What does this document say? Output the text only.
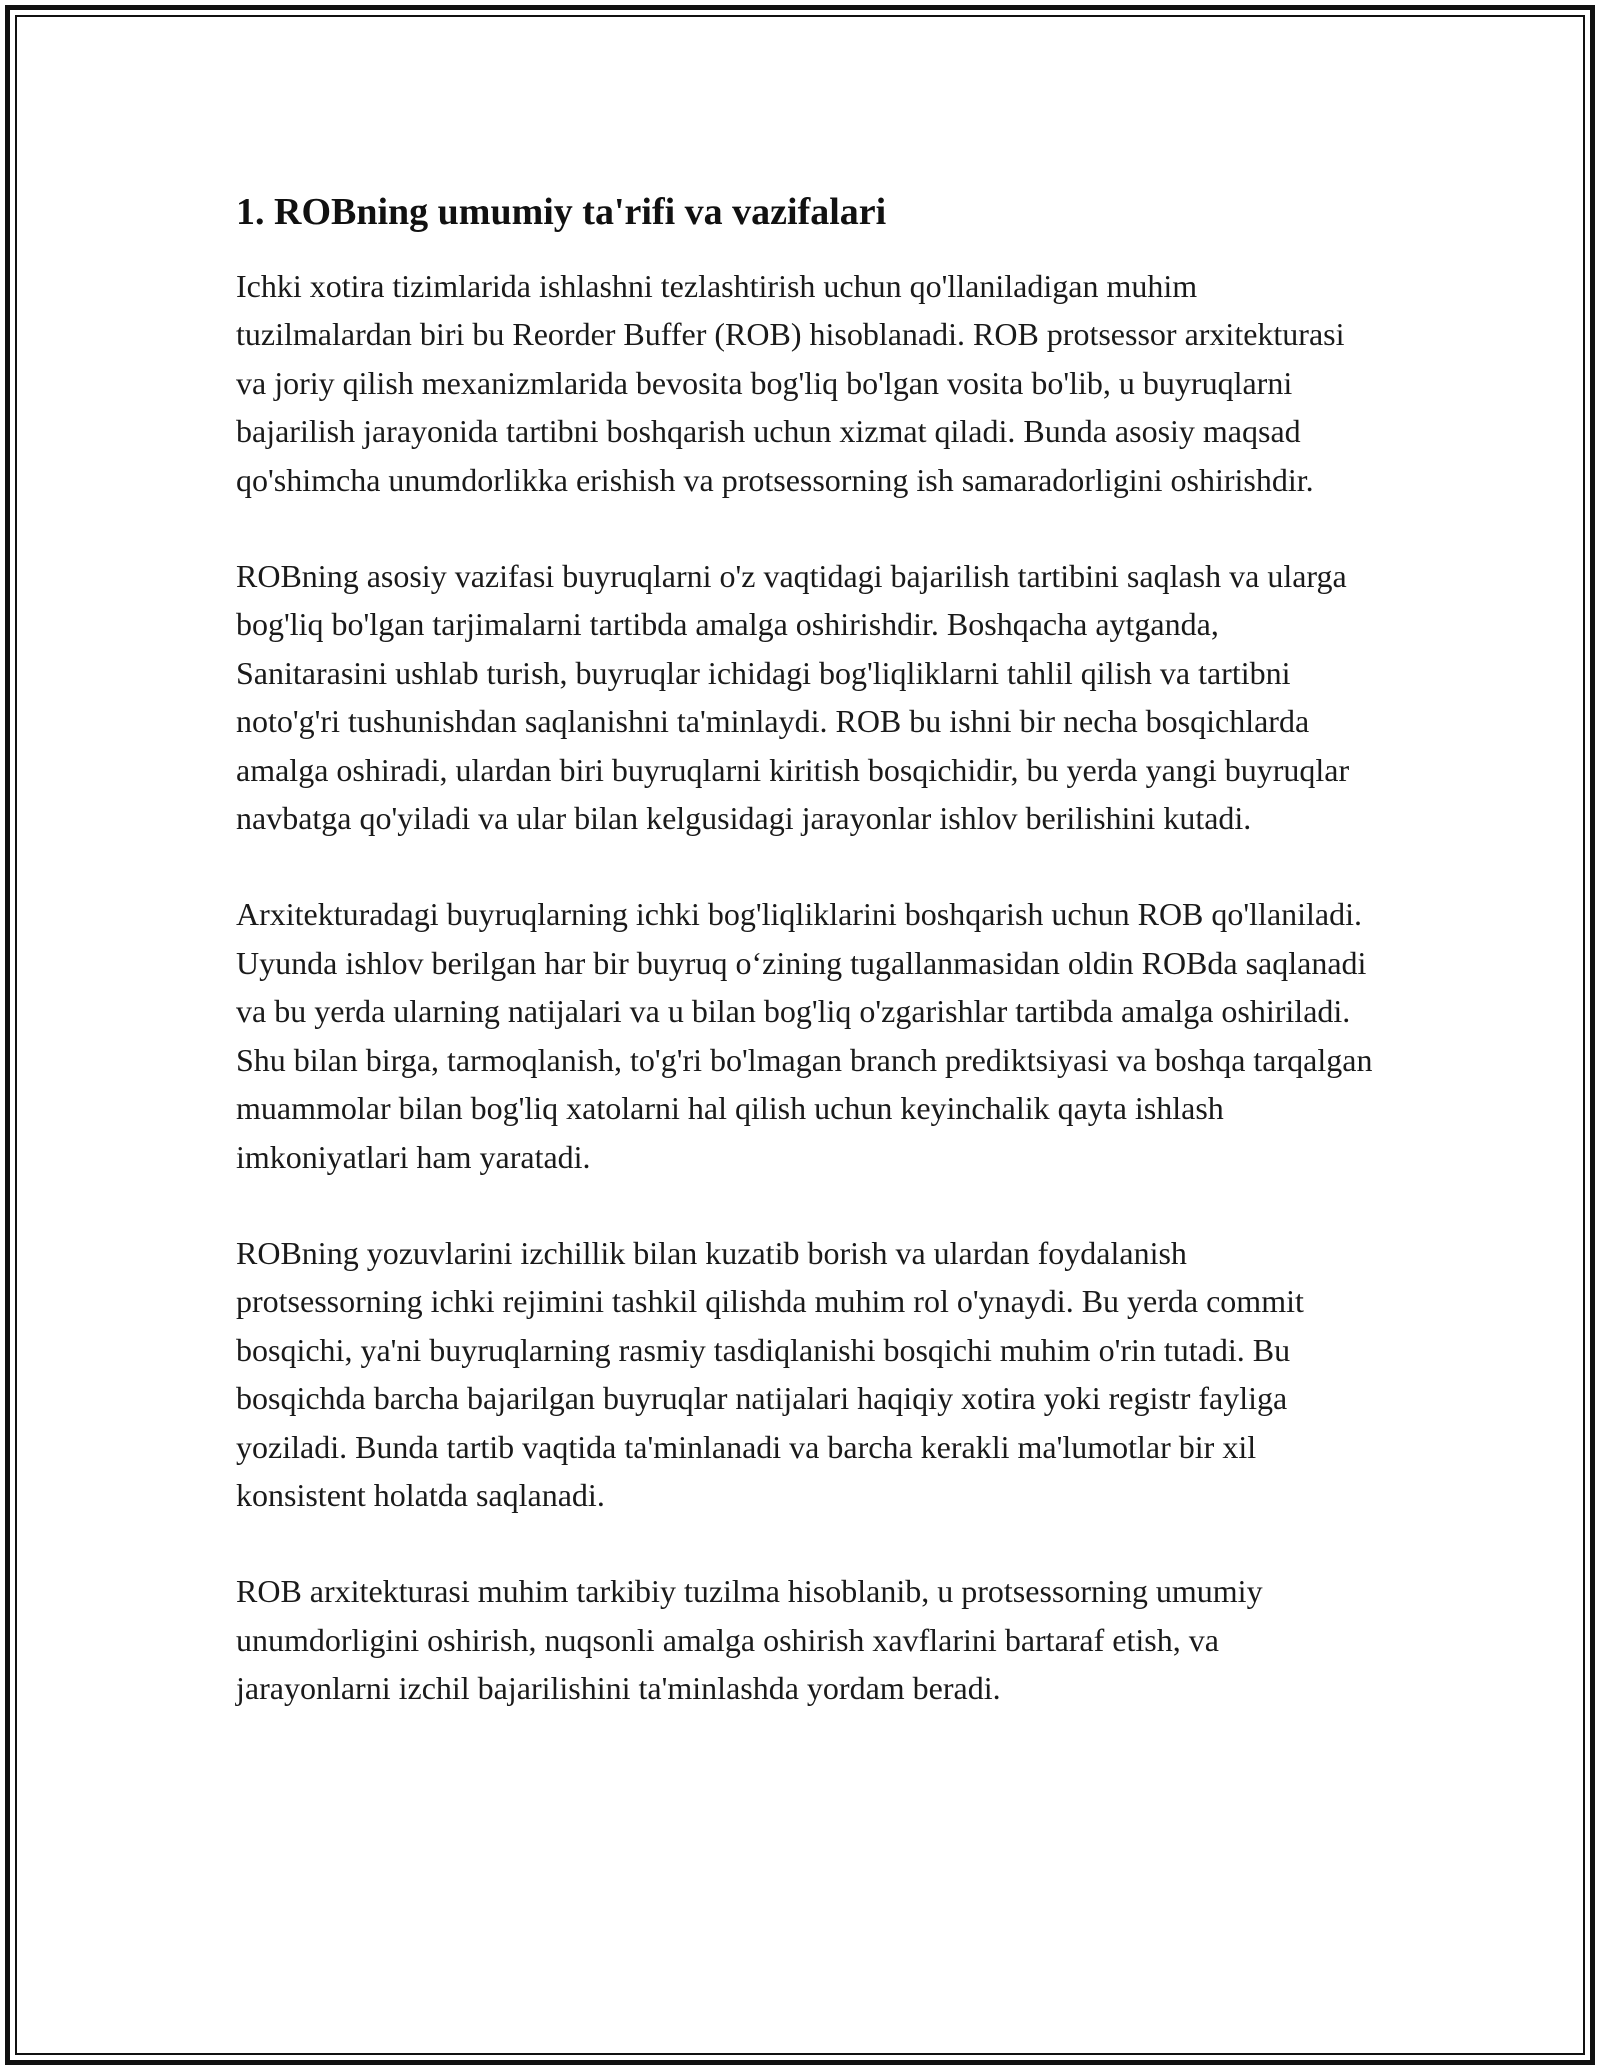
1. ROBning umumiy ta'rifi va vazifalari

Ichki xotira tizimlarida ishlashni tezlashtirish uchun qo'llaniladigan muhim tuzilmalardan biri bu Reorder Buffer (ROB) hisoblanadi. ROB protsessor arxitekturasi va joriy qilish mexanizmlarida bevosita bog'liq bo'lgan vosita bo'lib, u buyruqlarni bajarilish jarayonida tartibni boshqarish uchun xizmat qiladi. Bunda asosiy maqsad qo'shimcha unumdorlikka erishish va protsessorning ish samaradorligini oshirishdir.

ROBning asosiy vazifasi buyruqlarni o'z vaqtidagi bajarilish tartibini saqlash va ularga bog'liq bo'lgan tarjimalarni tartibda amalga oshirishdir. Boshqacha aytganda, Sanitarasini ushlab turish, buyruqlar ichidagi bog'liqliklarni tahlil qilish va tartibni noto'g'ri tushunishdan saqlanishni ta'minlaydi. ROB bu ishni bir necha bosqichlarda amalga oshiradi, ulardan biri buyruqlarni kiritish bosqichidir, bu yerda yangi buyruqlar navbatga qo'yiladi va ular bilan kelgusidagi jarayonlar ishlov berilishini kutadi.

Arxitekturadagi buyruqlarning ichki bog'liqliklarini boshqarish uchun ROB qo'llaniladi. Uyunda ishlov berilgan har bir buyruq o‘zining tugallanmasidan oldin ROBda saqlanadi va bu yerda ularning natijalari va u bilan bog'liq o'zgarishlar tartibda amalga oshiriladi. Shu bilan birga, tarmoqlanish, to'g'ri bo'lmagan branch prediktsiyasi va boshqa tarqalgan muammolar bilan bog'liq xatolarni hal qilish uchun keyinchalik qayta ishlash imkoniyatlari ham yaratadi.

ROBning yozuvlarini izchillik bilan kuzatib borish va ulardan foydalanish protsessorning ichki rejimini tashkil qilishda muhim rol o'ynaydi. Bu yerda commit bosqichi, ya'ni buyruqlarning rasmiy tasdiqlanishi bosqichi muhim o'rin tutadi. Bu bosqichda barcha bajarilgan buyruqlar natijalari haqiqiy xotira yoki registr fayliga yoziladi. Bunda tartib vaqtida ta'minlanadi va barcha kerakli ma'lumotlar bir xil konsistent holatda saqlanadi.

ROB arxitekturasi muhim tarkibiy tuzilma hisoblanib, u protsessorning umumiy unumdorligini oshirish, nuqsonli amalga oshirish xavflarini bartaraf etish, va jarayonlarni izchil bajarilishini ta'minlashda yordam beradi.
